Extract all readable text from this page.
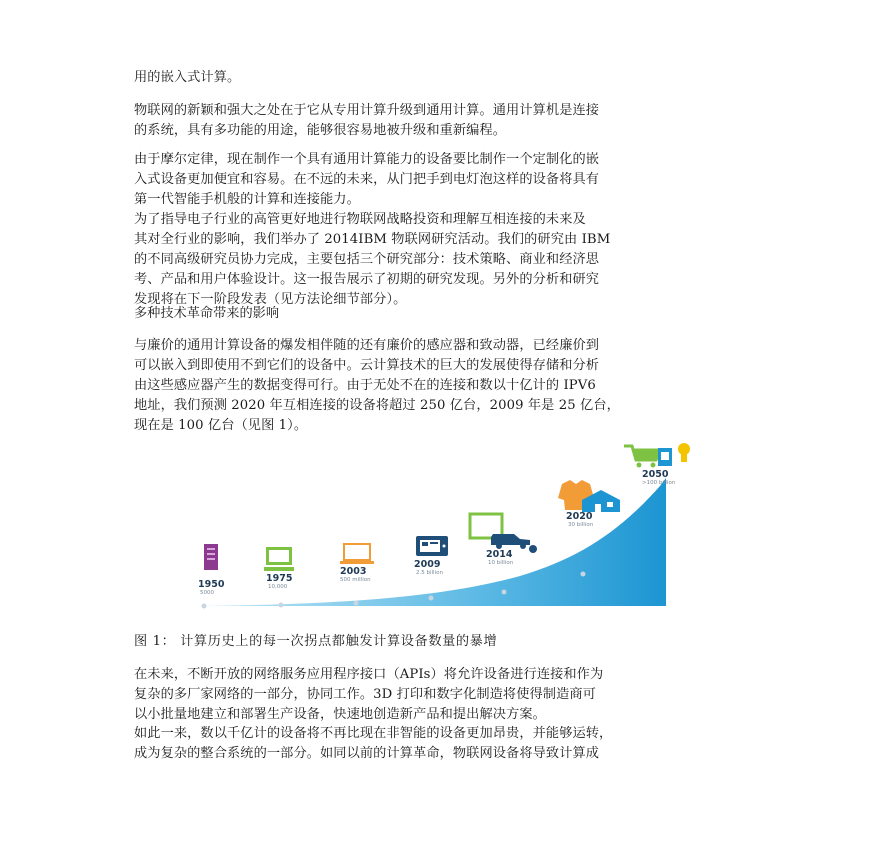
用的嵌入式计算。

物联网的新颖和强大之处在于它从专用计算升级到通用计算。通用计算机是连接
的系统，具有多功能的用途，能够很容易地被升级和重新编程。

由于摩尔定律，现在制作一个具有通用计算能力的设备要比制作一个定制化的嵌
入式设备更加便宜和容易。在不远的未来，从门把手到电灯泡这样的设备将具有
第一代智能手机般的计算和连接能力。

为了指导电子行业的高管更好地进行物联网战略投资和理解互相连接的未来及
其对全行业的影响，我们举办了 2014IBM 物联网研究活动。我们的研究由 IBM
的不同高级研究员协力完成，主要包括三个研究部分：技术策略、商业和经济思
考、产品和用户体验设计。这一报告展示了初期的研究发现。另外的分析和研究
发现将在下一阶段发表（见方法论细节部分）。

多种技术革命带来的影响

与廉价的通用计算设备的爆发相伴随的还有廉价的感应器和致动器，已经廉价到
可以嵌入到即使用不到它们的设备中。云计算技术的巨大的发展使得存储和分析
由这些感应器产生的数据变得可行。由于无处不在的连接和数以十亿计的 IPV6
地址，我们预测 2020 年互相连接的设备将超过 250 亿台，2009 年是 25 亿台，
现在是 100 亿台（见图 1）。

1950
5000
1975
10,000
2003
500 million
2009
2.5 billion
2014
10 billion
2020
30 billion
2050
>100 billion
图 1： 计算历史上的每一次拐点都触发计算设备数量的暴增

在未来，不断开放的网络服务应用程序接口（APIs）将允许设备进行连接和作为
复杂的多厂家网络的一部分，协同工作。3D 打印和数字化制造将使得制造商可
以小批量地建立和部署生产设备，快速地创造新产品和提出解决方案。

如此一来，数以千亿计的设备将不再比现在非智能的设备更加昂贵，并能够运转，
成为复杂的整合系统的一部分。如同以前的计算革命，物联网设备将导致计算成
